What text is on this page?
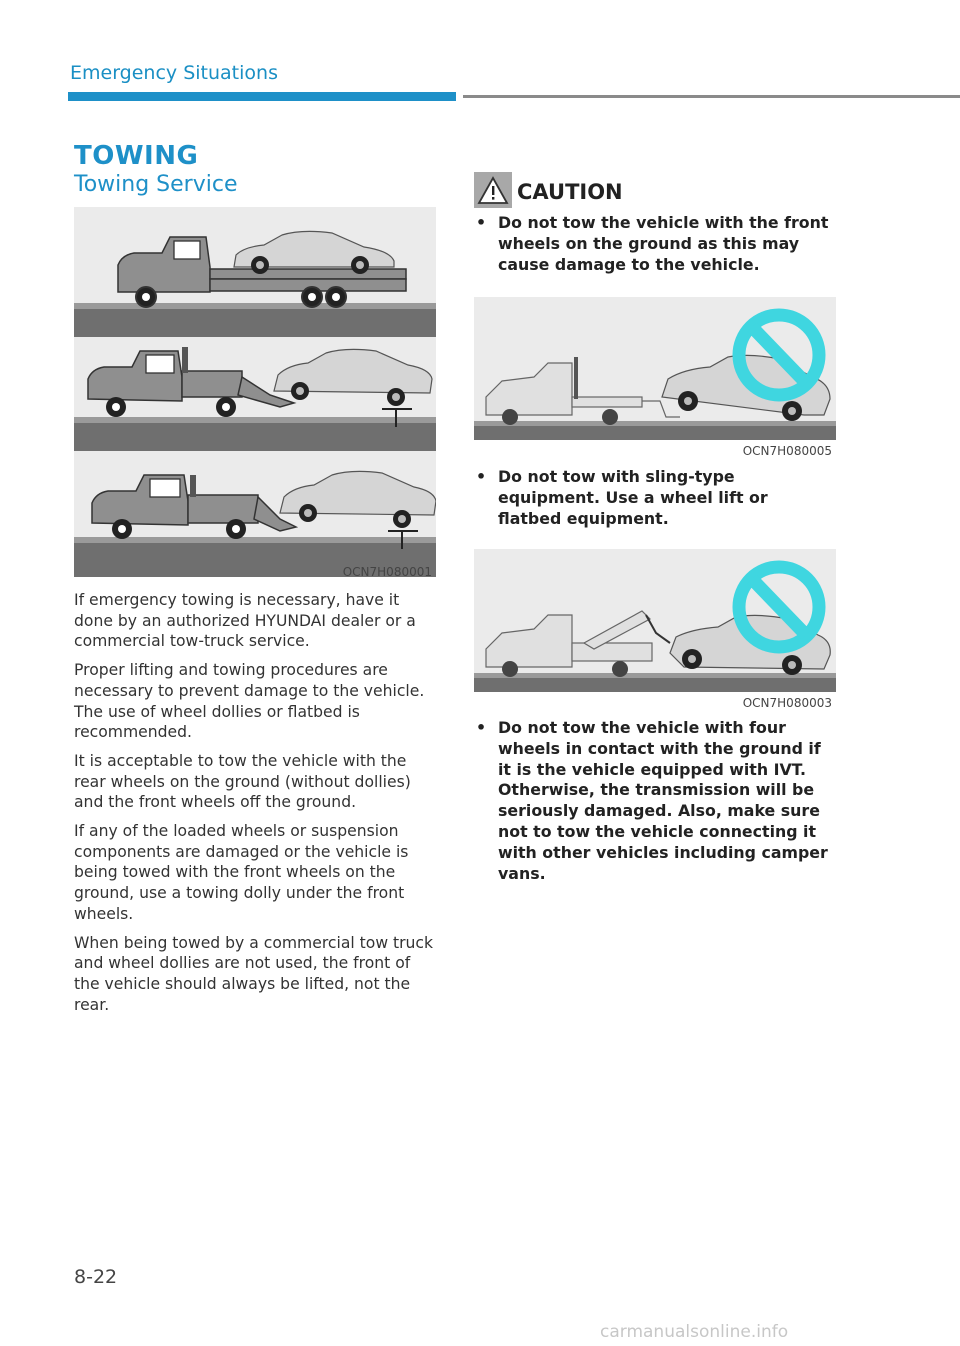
Emergency Situations
TOWING
Towing Service
OCN7H080001

If emergency towing is necessary, have it done by an authorized HYUNDAI dealer or a commercial tow-truck service.

Proper lifting and towing procedures are necessary to prevent damage to the vehicle. The use of wheel dollies or flatbed is recommended.

It is acceptable to tow the vehicle with the rear wheels on the ground (without dollies) and the front wheels off the ground.

If any of the loaded wheels or suspension components are damaged or the vehicle is being towed with the front wheels on the ground, use a towing dolly under the front wheels.

When being towed by a commercial tow truck and wheel dollies are not used, the front of the vehicle should always be lifted, not the rear.

CAUTION
• Do not tow the vehicle with the front wheels on the ground as this may cause damage to the vehicle.
OCN7H080005
• Do not tow with sling-type equipment. Use a wheel lift or flatbed equipment.
OCN7H080003
• Do not tow the vehicle with four wheels in contact with the ground if it is the vehicle equipped with IVT. Otherwise, the transmission will be seriously damaged. Also, make sure not to tow the vehicle connecting it with other vehicles including camper vans.
8-22
carmanualsonline.info
